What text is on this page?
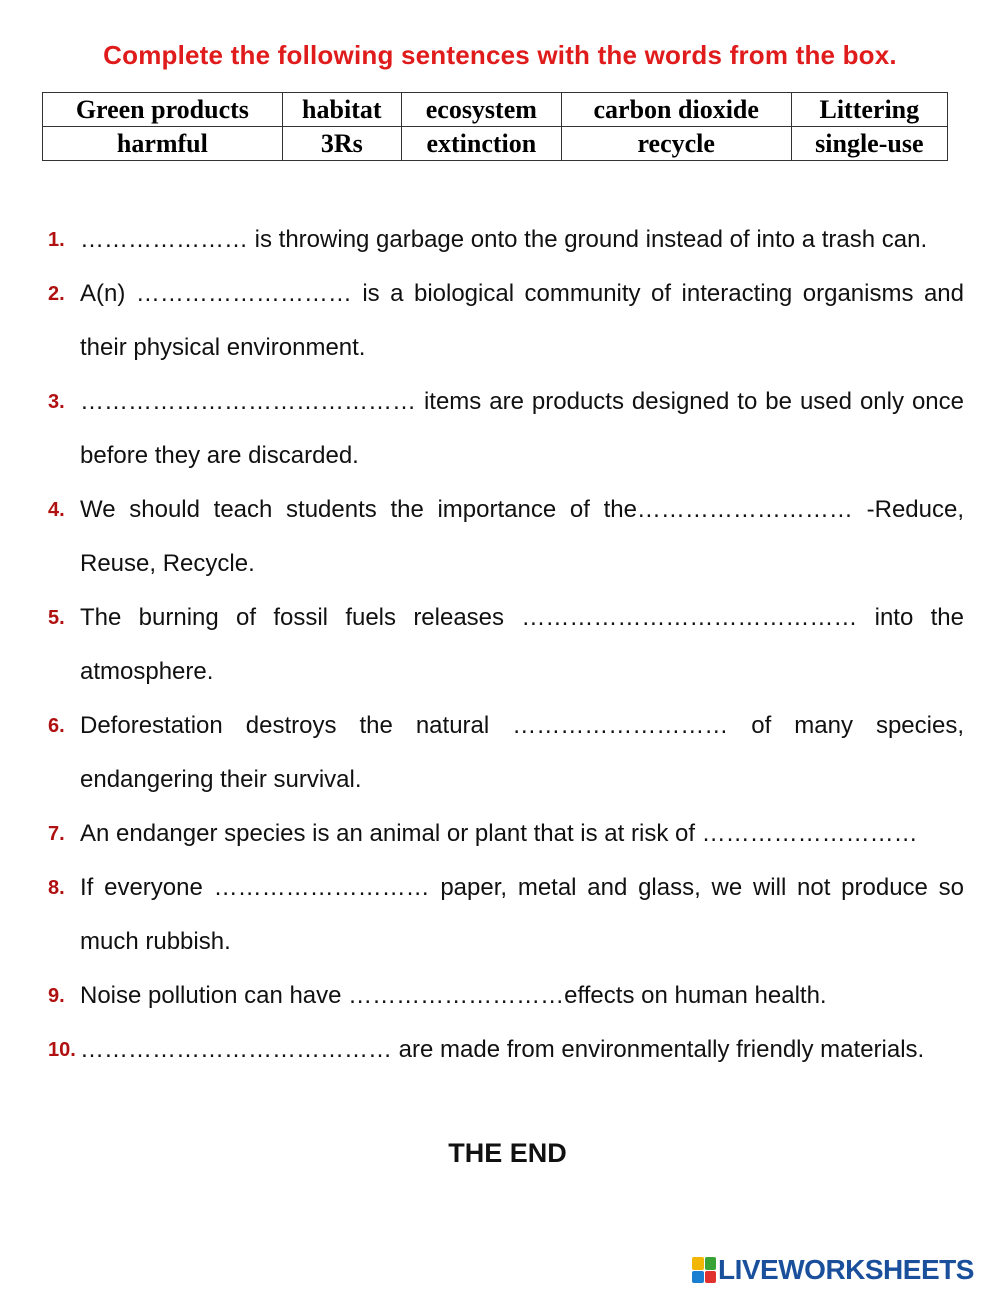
Complete the following sentences with the words from the box.
Green products	habitat	ecosystem	carbon dioxide	Littering
harmful	3Rs	extinction	recycle	single-use
1. ………………… is throwing garbage onto the ground instead of into a trash can.
2. A(n) ……………………… is a biological community of interacting organisms and their physical environment.
3. …………………………………… items are products designed to be used only once before they are discarded.
4. We should teach students the importance of the……………………… -Reduce, Reuse, Recycle.
5. The burning of fossil fuels releases …………………………………… into the atmosphere.
6. Deforestation destroys the natural ……………………… of many species, endangering their survival.
7. An endanger species is an animal or plant that is at risk of ………………………
8. If everyone ……………………… paper, metal and glass, we will not produce so much rubbish.
9. Noise pollution can have ………………………effects on human health.
10. ………………………………… are made from environmentally friendly materials.
THE END
LIVEWORKSHEETS
